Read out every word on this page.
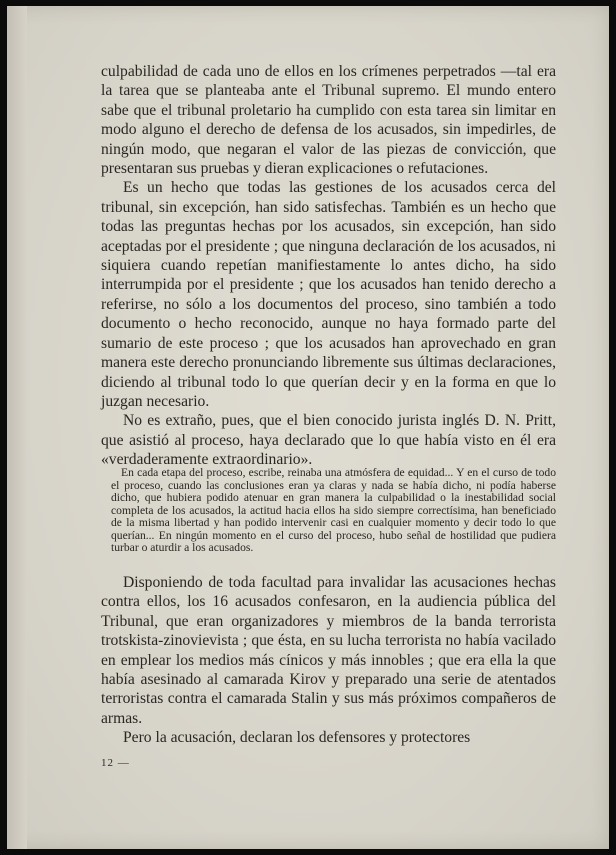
culpabilidad de cada uno de ellos en los crímenes perpetrados —tal era la tarea que se planteaba ante el Tribunal supremo. El mundo entero sabe que el tribunal proletario ha cumplido con esta tarea sin limitar en modo alguno el derecho de defensa de los acusados, sin impedirles, de ningún modo, que negaran el valor de las piezas de convicción, que presentaran sus pruebas y dieran explicaciones o refutaciones.

Es un hecho que todas las gestiones de los acusados cerca del tribunal, sin excepción, han sido satisfechas. También es un hecho que todas las preguntas hechas por los acusados, sin excepción, han sido aceptadas por el presidente ; que ninguna declaración de los acusados, ni siquiera cuando repetían manifiestamente lo antes dicho, ha sido interrumpida por el presidente ; que los acusados han tenido derecho a referirse, no sólo a los documentos del proceso, sino también a todo documento o hecho reconocido, aunque no haya formado parte del sumario de este proceso ; que los acusados han aprovechado en gran manera este derecho pronunciando libremente sus últimas declaraciones, diciendo al tribunal todo lo que querían decir y en la forma en que lo juzgan necesario.

No es extraño, pues, que el bien conocido jurista inglés D. N. Pritt, que asistió al proceso, haya declarado que lo que había visto en él era «verdaderamente extraordinario».

En cada etapa del proceso, escribe, reinaba una atmósfera de equidad... Y en el curso de todo el proceso, cuando las conclusiones eran ya claras y nada se había dicho, ni podía haberse dicho, que hubiera podido atenuar en gran manera la culpabilidad o la inestabilidad social completa de los acusados, la actitud hacia ellos ha sido siempre correctísima, han beneficiado de la misma libertad y han podido intervenir casi en cualquier momento y decir todo lo que querían... En ningún momento en el curso del proceso, hubo señal de hostilidad que pudiera turbar o aturdir a los acusados.

Disponiendo de toda facultad para invalidar las acusaciones hechas contra ellos, los 16 acusados confesaron, en la audiencia pública del Tribunal, que eran organizadores y miembros de la banda terrorista trotskista-zinovievista ; que ésta, en su lucha terrorista no había vacilado en emplear los medios más cínicos y más innobles ; que era ella la que había asesinado al camarada Kirov y preparado una serie de atentados terroristas contra el camarada Stalin y sus más próximos compañeros de armas.

Pero la acusación, declaran los defensores y protectores

12 —
